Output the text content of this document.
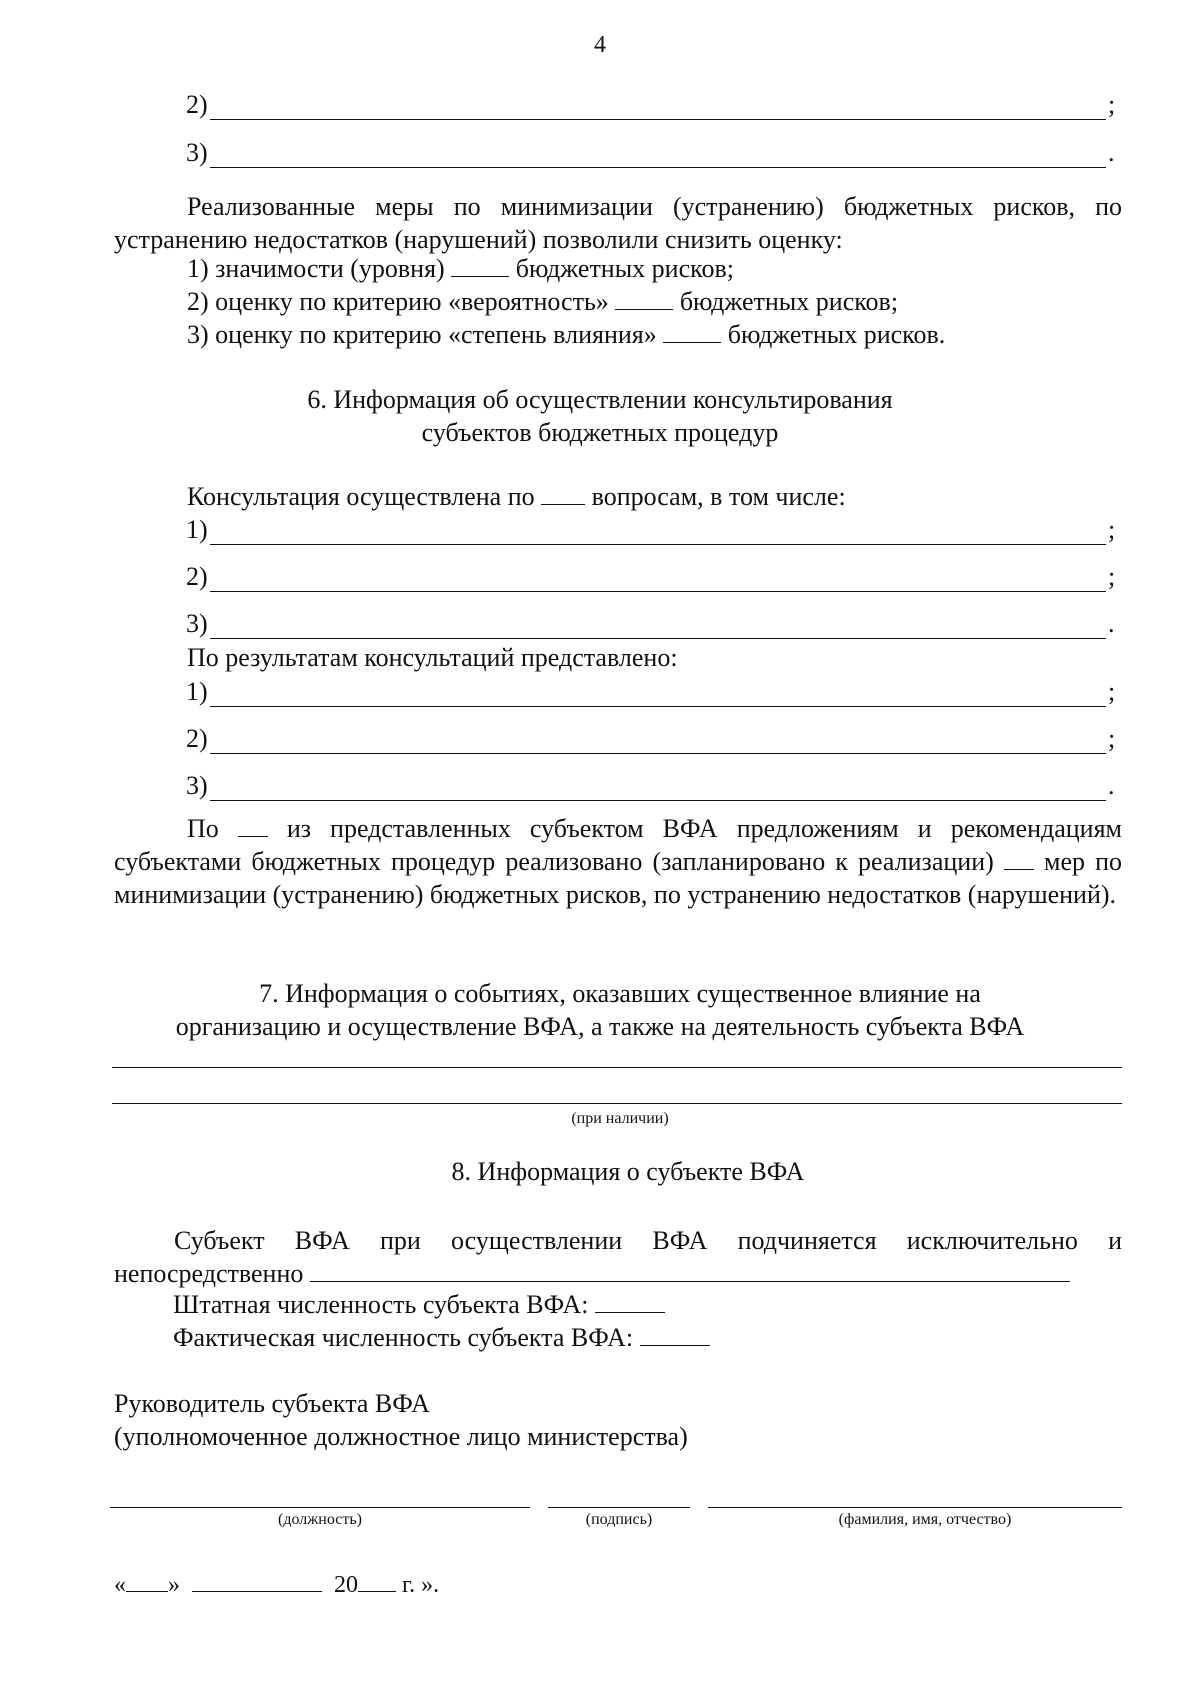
4
2)	;
3)	.
Реализованные меры по минимизации (устранению) бюджетных рисков, по устранению недостатков (нарушений) позволили снизить оценку:
1) значимости (уровня)	бюджетных рисков;
2) оценку по критерию «вероятность»	бюджетных рисков;
3) оценку по критерию «степень влияния»	бюджетных рисков.
6. Информация об осуществлении консультирования
субъектов бюджетных процедур
Консультация осуществлена по вопросам, в том числе:
1)	;
2)	;
3)	.
По результатам консультаций представлено:
1)	;
2)	;
3)	.
По	из представленных субъектом ВФА предложениям и рекомендациям субъектами бюджетных процедур реализовано (запланировано к реализации) мер по минимизации (устранению) бюджетных рисков, по устранению недостатков (нарушений).
7. Информация о событиях, оказавших существенное влияние на
организацию и осуществление ВФА, а также на деятельность субъекта ВФА
(при наличии)
8. Информация о субъекте ВФА
Субъект ВФА при осуществлении ВФА подчиняется исключительно и непосредственно
Штатная численность субъекта ВФА:
Фактическая численность субъекта ВФА:
Руководитель субъекта ВФА
(уполномоченное должностное лицо министерства)
(должность)	(подпись)	(фамилия, имя, отчество)
« »	20 г. ».
